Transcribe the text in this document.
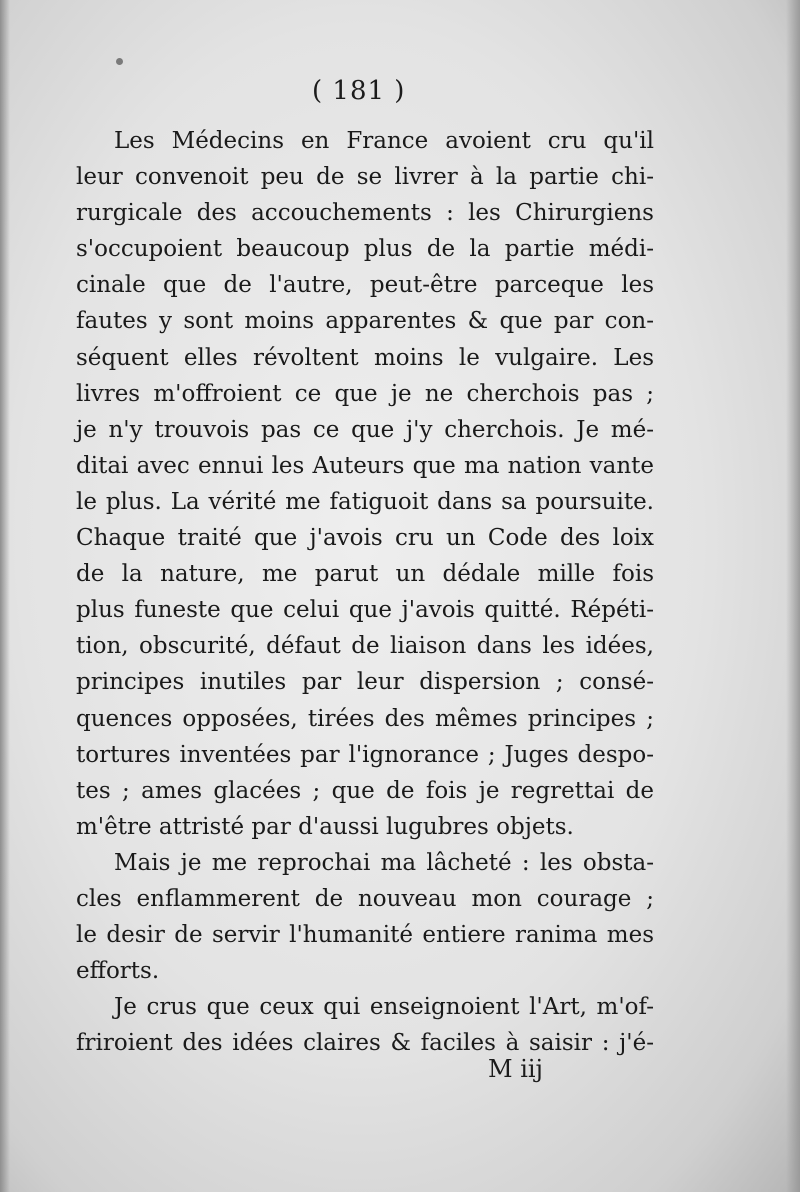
( 181 )
Les Médecins en France avoient cru qu'il
leur convenoit peu de se livrer à la partie chi-
rurgicale des accouchements : les Chirurgiens
s'occupoient beaucoup plus de la partie médi-
cinale que de l'autre, peut-être parceque les
fautes y sont moins apparentes & que par con-
séquent elles révoltent moins le vulgaire. Les
livres m'offroient ce que je ne cherchois pas ;
je n'y trouvois pas ce que j'y cherchois. Je mé-
ditai avec ennui les Auteurs que ma nation vante
le plus. La vérité me fatiguoit dans sa poursuite.
Chaque traité que j'avois cru un Code des loix
de la nature, me parut un dédale mille fois
plus funeste que celui que j'avois quitté. Répéti-
tion, obscurité, défaut de liaison dans les idées,
principes inutiles par leur dispersion ; consé-
quences opposées, tirées des mêmes principes ;
tortures inventées par l'ignorance ; Juges despo-
tes ; ames glacées ; que de fois je regrettai de
m'être attristé par d'aussi lugubres objets.
Mais je me reprochai ma lâcheté : les obsta-
cles enflammerent de nouveau mon courage ;
le desir de servir l'humanité entiere ranima mes
efforts.
Je crus que ceux qui enseignoient l'Art, m'of-
friroient des idées claires & faciles à saisir : j'é-
M iij
